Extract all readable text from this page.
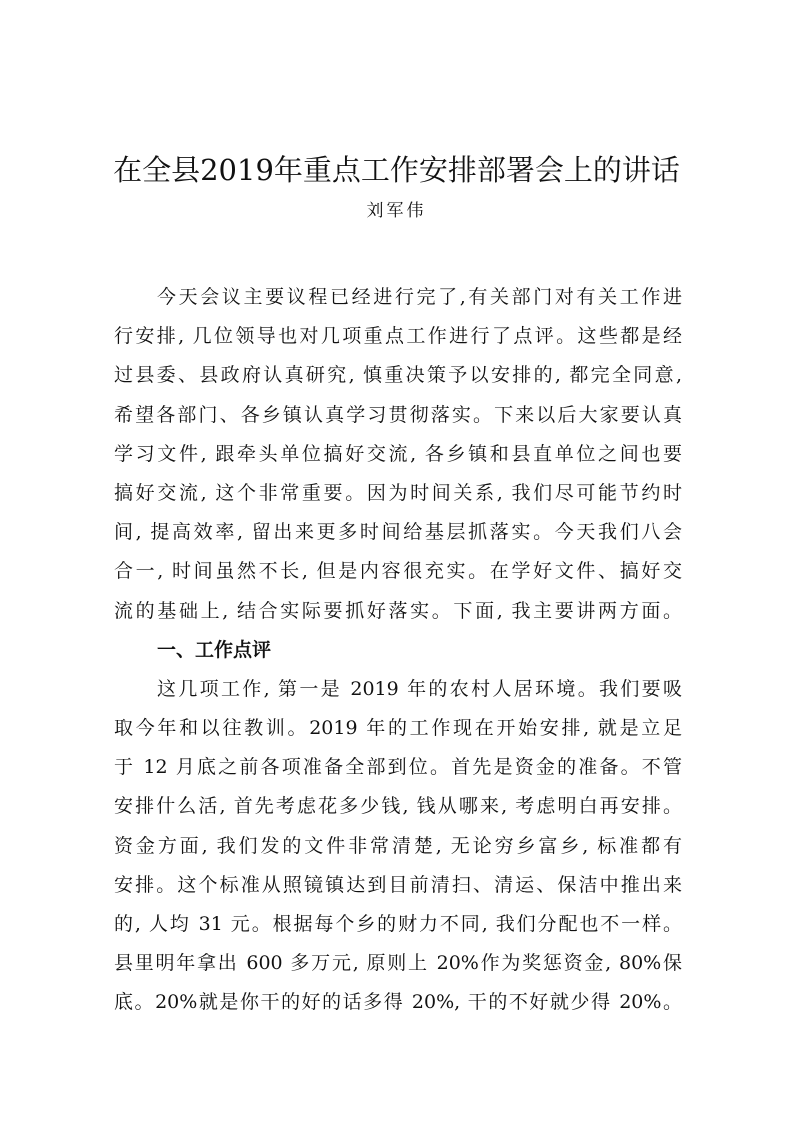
在全县2019年重点工作安排部署会上的讲话

刘军伟

今天会议主要议程已经进行完了,有关部门对有关工作进
行安排, 几位领导也对几项重点工作进行了点评。这些都是经
过县委、县政府认真研究, 慎重决策予以安排的, 都完全同意,
希望各部门、各乡镇认真学习贯彻落实。下来以后大家要认真
学习文件, 跟牵头单位搞好交流, 各乡镇和县直单位之间也要
搞好交流, 这个非常重要。因为时间关系, 我们尽可能节约时
间, 提高效率, 留出来更多时间给基层抓落实。今天我们八会
合一, 时间虽然不长, 但是内容很充实。在学好文件、搞好交
流的基础上, 结合实际要抓好落实。下面, 我主要讲两方面。
一、工作点评
这几项工作, 第一是 2019 年的农村人居环境。我们要吸
取今年和以往教训。2019 年的工作现在开始安排, 就是立足
于 12 月底之前各项准备全部到位。首先是资金的准备。不管
安排什么活, 首先考虑花多少钱, 钱从哪来, 考虑明白再安排。
资金方面, 我们发的文件非常清楚, 无论穷乡富乡, 标准都有
安排。这个标准从照镜镇达到目前清扫、清运、保洁中推出来
的, 人均 31 元。根据每个乡的财力不同, 我们分配也不一样。
县里明年拿出 600 多万元, 原则上 20%作为奖惩资金, 80%保
底。20%就是你干的好的话多得 20%, 干的不好就少得 20%。
